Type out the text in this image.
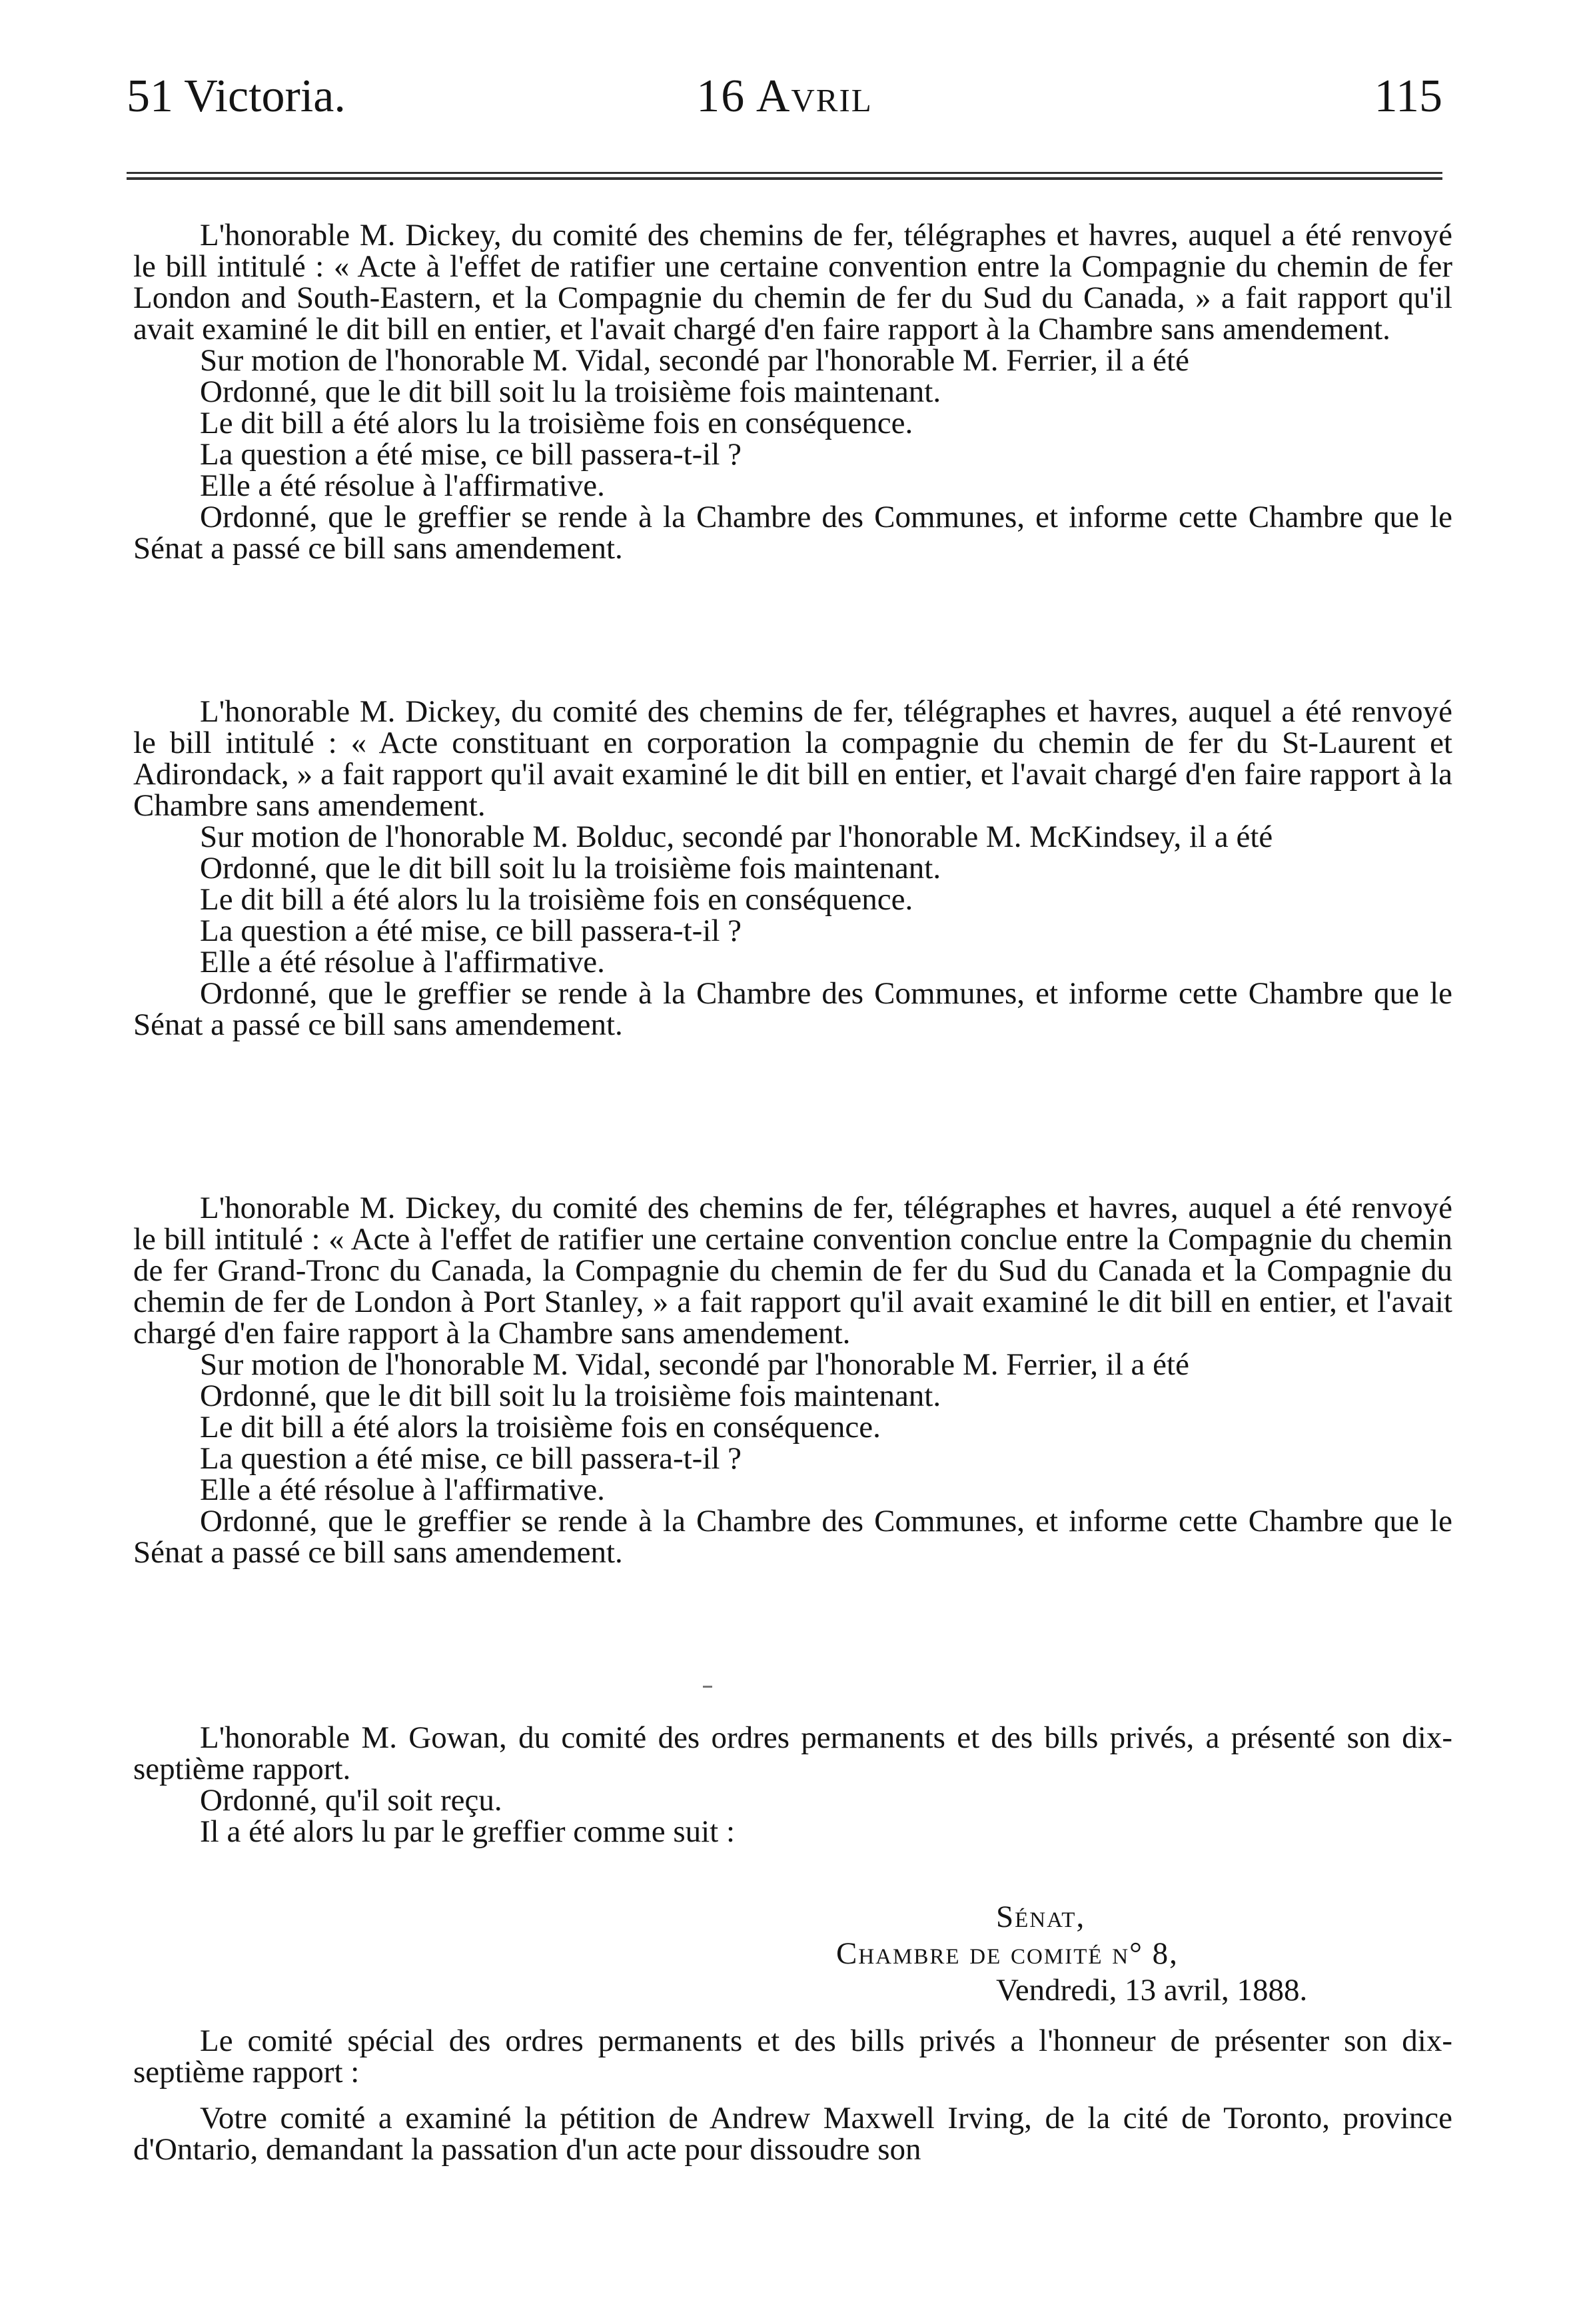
51 Victoria.	16 Avril	115

L'honorable M. Dickey, du comité des chemins de fer, télégraphes et havres, auquel a été renvoyé le bill intitulé : « Acte à l'effet de ratifier une certaine convention entre la Compagnie du chemin de fer London and South-Eastern, et la Compagnie du chemin de fer du Sud du Canada, » a fait rapport qu'il avait examiné le dit bill en entier, et l'avait chargé d'en faire rapport à la Chambre sans amendement.

Sur motion de l'honorable M. Vidal, secondé par l'honorable M. Ferrier, il a été

Ordonné, que le dit bill soit lu la troisième fois maintenant.

Le dit bill a été alors lu la troisième fois en conséquence.

La question a été mise, ce bill passera-t-il ?

Elle a été résolue à l'affirmative.

Ordonné, que le greffier se rende à la Chambre des Communes, et informe cette Chambre que le Sénat a passé ce bill sans amendement.

L'honorable M. Dickey, du comité des chemins de fer, télégraphes et havres, auquel a été renvoyé le bill intitulé : « Acte constituant en corporation la compagnie du chemin de fer du St-Laurent et Adirondack, » a fait rapport qu'il avait examiné le dit bill en entier, et l'avait chargé d'en faire rapport à la Chambre sans amendement.

Sur motion de l'honorable M. Bolduc, secondé par l'honorable M. McKindsey, il a été

Ordonné, que le dit bill soit lu la troisième fois maintenant.

Le dit bill a été alors lu la troisième fois en conséquence.

La question a été mise, ce bill passera-t-il ?

Elle a été résolue à l'affirmative.

Ordonné, que le greffier se rende à la Chambre des Communes, et informe cette Chambre que le Sénat a passé ce bill sans amendement.

L'honorable M. Dickey, du comité des chemins de fer, télégraphes et havres, auquel a été renvoyé le bill intitulé : « Acte à l'effet de ratifier une certaine convention conclue entre la Compagnie du chemin de fer Grand-Tronc du Canada, la Compagnie du chemin de fer du Sud du Canada et la Compagnie du chemin de fer de London à Port Stanley, » a fait rapport qu'il avait examiné le dit bill en entier, et l'avait chargé d'en faire rapport à la Chambre sans amendement.

Sur motion de l'honorable M. Vidal, secondé par l'honorable M. Ferrier, il a été

Ordonné, que le dit bill soit lu la troisième fois maintenant.

Le dit bill a été alors la troisième fois en conséquence.

La question a été mise, ce bill passera-t-il ?

Elle a été résolue à l'affirmative.

Ordonné, que le greffier se rende à la Chambre des Communes, et informe cette Chambre que le Sénat a passé ce bill sans amendement.

L'honorable M. Gowan, du comité des ordres permanents et des bills privés, a présenté son dix-septième rapport.

Ordonné, qu'il soit reçu.

Il a été alors lu par le greffier comme suit :

Sénat,
Chambre de comité n° 8,
Vendredi, 13 avril, 1888.

Le comité spécial des ordres permanents et des bills privés a l'honneur de présenter son dix-septième rapport :

Votre comité a examiné la pétition de Andrew Maxwell Irving, de la cité de Toronto, province d'Ontario, demandant la passation d'un acte pour dissoudre son
